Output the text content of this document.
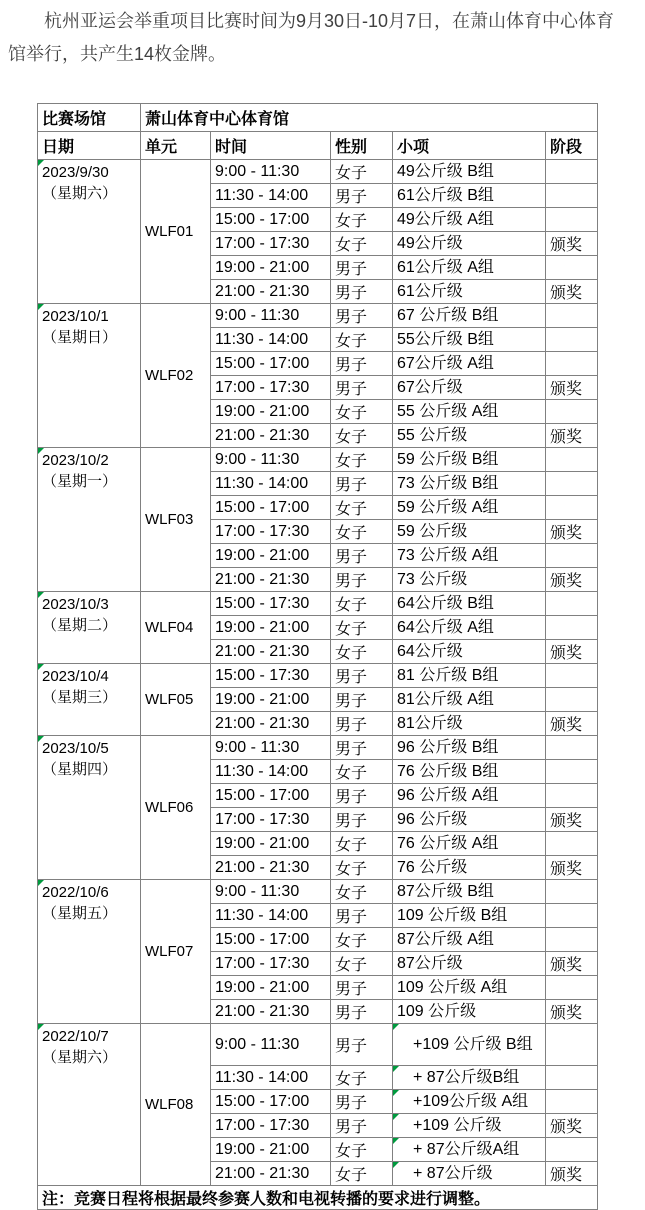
　　杭州亚运会举重项目比赛时间为9月30日-10月7日，在萧山体育中心体育
馆举行，共产生14枚金牌。
比赛场馆	萧山体育中心体育馆				
日期	单元	时间	性别	小项	阶段

2023/9/30
（星期六）	WLF01	9:00 - 11:30	女子	49公斤级 B组	
		11:30 - 14:00	男子	61公斤级 B组	
		15:00 - 17:00	女子	49公斤级 A组	
		17:00 - 17:30	女子	49公斤级	颁奖
		19:00 - 21:00	男子	61公斤级 A组	
		21:00 - 21:30	男子	61公斤级	颁奖

2023/10/1
（星期日）	WLF02	9:00 - 11:30	男子	67 公斤级 B组	
		11:30 - 14:00	女子	55公斤级 B组	
		15:00 - 17:00	男子	67公斤级 A组	
		17:00 - 17:30	男子	67公斤级	颁奖
		19:00 - 21:00	女子	55 公斤级 A组	
		21:00 - 21:30	女子	55 公斤级	颁奖

2023/10/2
（星期一）	WLF03	9:00 - 11:30	女子	59 公斤级 B组	
		11:30 - 14:00	男子	73 公斤级 B组	
		15:00 - 17:00	女子	59 公斤级 A组	
		17:00 - 17:30	女子	59 公斤级	颁奖
		19:00 - 21:00	男子	73 公斤级 A组	
		21:00 - 21:30	男子	73 公斤级	颁奖

2023/10/3
（星期二）	WLF04	15:00 - 17:30	女子	64公斤级 B组	
		19:00 - 21:00	女子	64公斤级 A组	
		21:00 - 21:30	女子	64公斤级	颁奖

2023/10/4
（星期三）	WLF05	15:00 - 17:30	男子	81 公斤级 B组	
		19:00 - 21:00	男子	81公斤级 A组	
		21:00 - 21:30	男子	81公斤级	颁奖

2023/10/5
（星期四）	WLF06	9:00 - 11:30	男子	96 公斤级 B组	
		11:30 - 14:00	女子	76 公斤级 B组	
		15:00 - 17:00	男子	96 公斤级 A组	
		17:00 - 17:30	男子	96 公斤级	颁奖
		19:00 - 21:00	女子	76 公斤级 A组	
		21:00 - 21:30	女子	76 公斤级	颁奖

2022/10/6
（星期五）	WLF07	9:00 - 11:30	女子	87公斤级 B组	
		11:30 - 14:00	男子	109 公斤级 B组	
		15:00 - 17:00	女子	87公斤级 A组	
		17:00 - 17:30	女子	87公斤级	颁奖
		19:00 - 21:00	男子	109 公斤级 A组	
		21:00 - 21:30	男子	109 公斤级	颁奖

2022/10/7
（星期六）	WLF08	9:00 - 11:30	男子	　+109 公斤级 B组	
		11:30 - 14:00	女子	　+ 87公斤级B组	
		15:00 - 17:00	男子	　+109公斤级 A组	
		17:00 - 17:30	男子	　+109 公斤级	颁奖
		19:00 - 21:00	女子	　+ 87公斤级A组	
		21:00 - 21:30	女子	　+ 87公斤级	颁奖
注：竞赛日程将根据最终参赛人数和电视转播的要求进行调整。					
